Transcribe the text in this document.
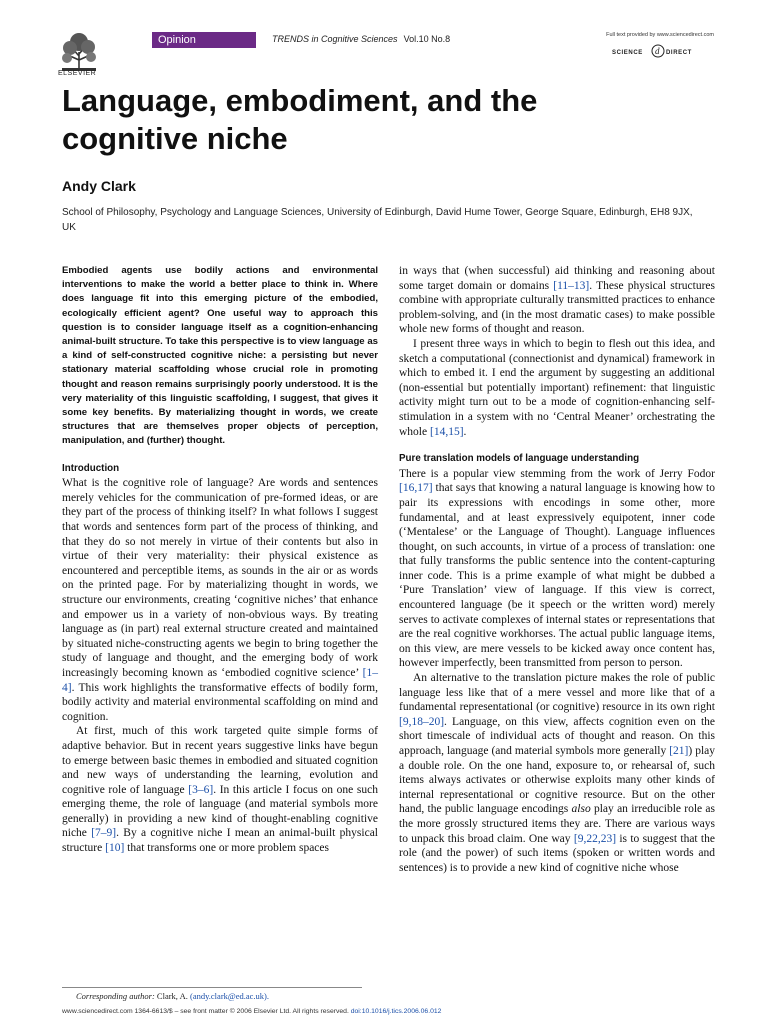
ELSEVIER
Opinion	TRENDS in Cognitive Sciences Vol.10 No.8	Full text provided by www.sciencedirect.com
SCIENCE d DIRECT
Language, embodiment, and the cognitive niche
Andy Clark
School of Philosophy, Psychology and Language Sciences, University of Edinburgh, David Hume Tower, George Square, Edinburgh, EH8 9JX, UK

Embodied agents use bodily actions and environmental interventions to make the world a better place to think in. Where does language fit into this emerging picture of the embodied, ecologically efficient agent? One useful way to approach this question is to consider language itself as a cognition-enhancing animal-built structure. To take this perspective is to view language as a kind of self-constructed cognitive niche: a persisting but never stationary material scaffolding whose crucial role in promoting thought and reason remains surprisingly poorly understood. It is the very materiality of this linguistic scaffolding, I suggest, that gives it some key benefits. By materializing thought in words, we create structures that are themselves proper objects of perception, manipulation, and (further) thought.

Introduction

What is the cognitive role of language? Are words and sentences merely vehicles for the communication of pre-formed ideas, or are they part of the process of thinking itself? In what follows I suggest that words and sentences form part of the process of thinking, and that they do so not merely in virtue of their contents but also in virtue of their very materiality: their physical existence as encountered and perceptible items, as sounds in the air or as words on the printed page. For by materializing thought in words, we structure our environments, creating ‘cognitive niches’ that enhance and empower us in a variety of non-obvious ways. By treating language as (in part) real external structure created and maintained by situated niche-constructing agents we begin to bring together the study of language and thought, and the emerging body of work increasingly becoming known as ‘embodied cognitive science’ [1–4]. This work highlights the transformative effects of bodily form, bodily activity and material environmental scaffolding on mind and cognition.

At first, much of this work targeted quite simple forms of adaptive behavior. But in recent years suggestive links have begun to emerge between basic themes in embodied and situated cognition and new ways of understanding the learning, evolution and cognitive role of language [3–6]. In this article I focus on one such emerging theme, the role of language (and material symbols more generally) in providing a new kind of thought-enabling cognitive niche [7–9]. By a cognitive niche I mean an animal-built physical structure [10] that transforms one or more problem spaces

in ways that (when successful) aid thinking and reasoning about some target domain or domains [11–13]. These physical structures combine with appropriate culturally transmitted practices to enhance problem-solving, and (in the most dramatic cases) to make possible whole new forms of thought and reason.

I present three ways in which to begin to flesh out this idea, and sketch a computational (connectionist and dynamical) framework in which to embed it. I end the argument by suggesting an additional (non-essential but potentially important) refinement: that linguistic activity might turn out to be a mode of cognition-enhancing self-stimulation in a system with no ‘Central Meaner’ orchestrating the whole [14,15].

Pure translation models of language understanding

There is a popular view stemming from the work of Jerry Fodor [16,17] that says that knowing a natural language is knowing how to pair its expressions with encodings in some other, more fundamental, and at least expressively equipotent, inner code (‘Mentalese’ or the Language of Thought). Language influences thought, on such accounts, in virtue of a process of translation: one that fully transforms the public sentence into the content-capturing inner code. This is a prime example of what might be dubbed a ‘Pure Translation’ view of language. If this view is correct, encountered language (be it speech or the written word) merely serves to activate complexes of internal states or representations that are the real cognitive workhorses. The actual public language items, on this view, are mere vessels to be kicked away once content has, however imperfectly, been transmitted from person to person.

An alternative to the translation picture makes the role of public language less like that of a mere vessel and more like that of a fundamental representational (or cognitive) resource in its own right [9,18–20]. Language, on this view, affects cognition even on the short timescale of individual acts of thought and reason. On this approach, language (and material symbols more generally [21]) play a double role. On the one hand, exposure to, or rehearsal of, such items always activates or otherwise exploits many other kinds of internal representational or cognitive resource. But on the other hand, the public language encodings also play an irreducible role as the more grossly structured items they are. There are various ways to unpack this broad claim. One way [9,22,23] is to suggest that the role (and the power) of such items (spoken or written words and sentences) is to provide a new kind of cognitive niche whose

Corresponding author: Clark, A. (andy.clark@ed.ac.uk).
www.sciencedirect.com 1364-6613/$ – see front matter © 2006 Elsevier Ltd. All rights reserved. doi:10.1016/j.tics.2006.06.012
